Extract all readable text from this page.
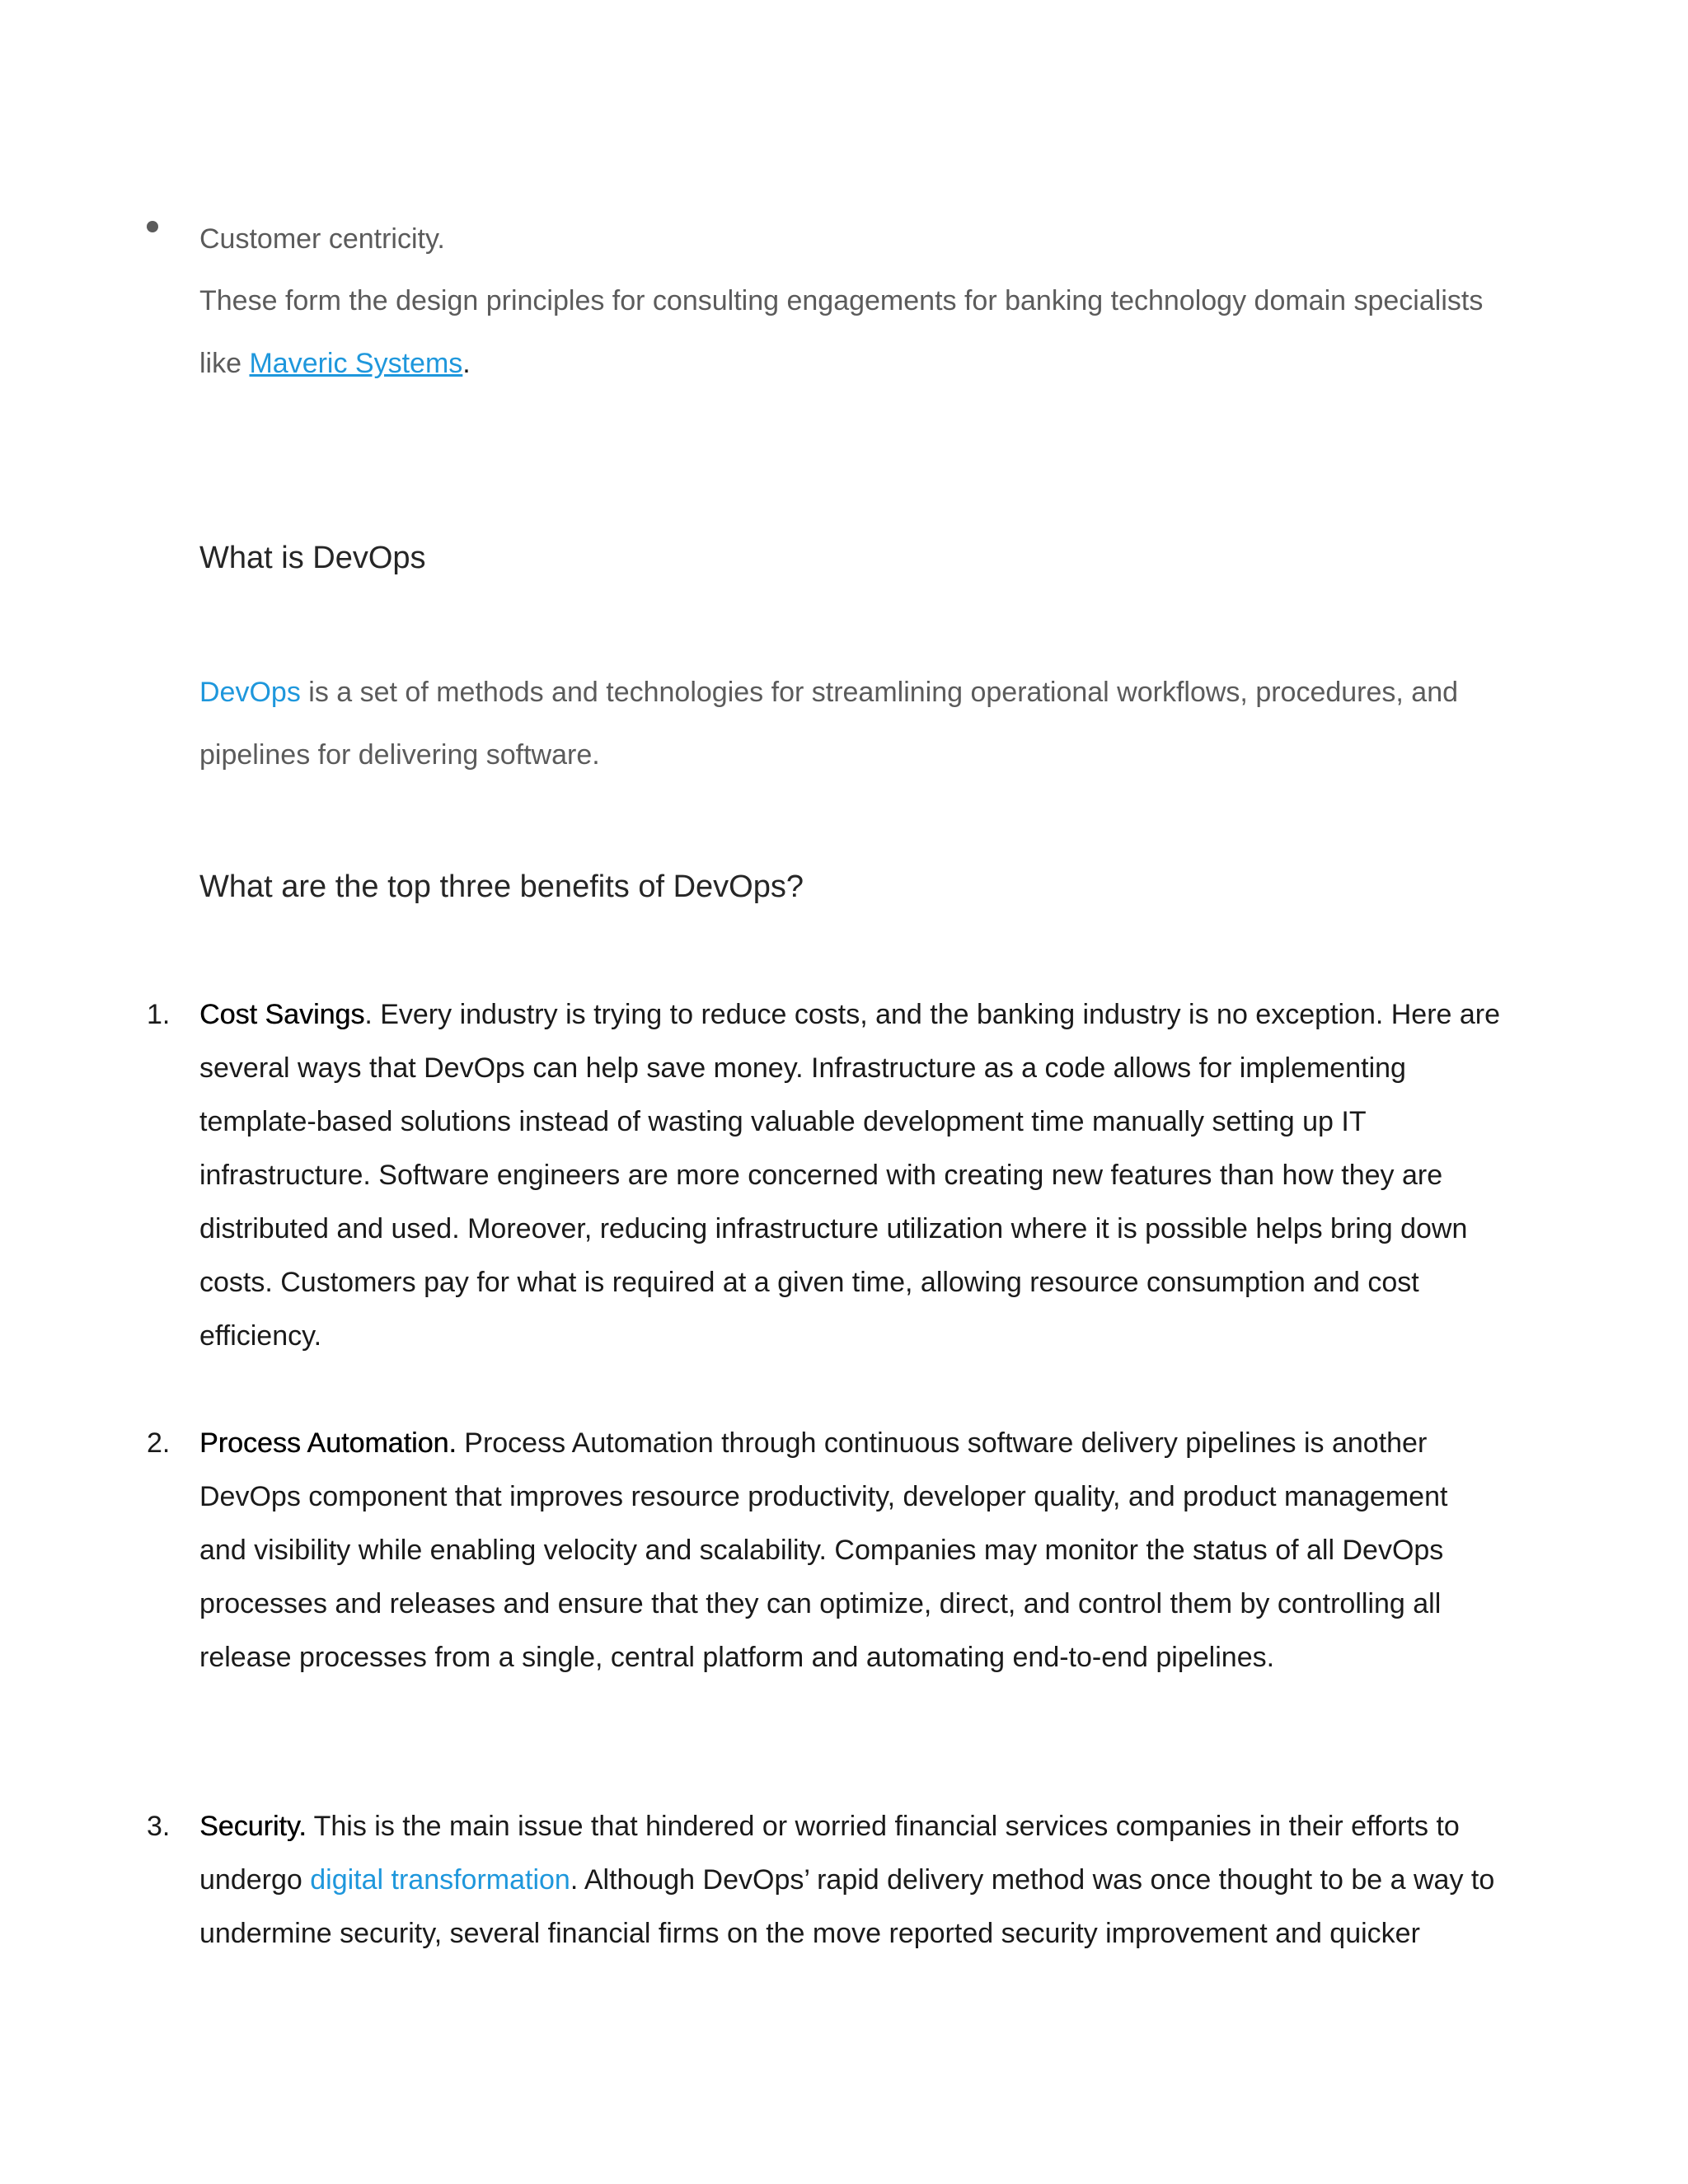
Customer centricity.

These form the design principles for consulting engagements for banking technology domain specialists like Maveric Systems.

What is DevOps

DevOps is a set of methods and technologies for streamlining operational workflows, procedures, and pipelines for delivering software.

What are the top three benefits of DevOps?

1. Cost Savings. Every industry is trying to reduce costs, and the banking industry is no exception. Here are several ways that DevOps can help save money. Infrastructure as a code allows for implementing template-based solutions instead of wasting valuable development time manually setting up IT infrastructure. Software engineers are more concerned with creating new features than how they are distributed and used. Moreover, reducing infrastructure utilization where it is possible helps bring down costs. Customers pay for what is required at a given time, allowing resource consumption and cost efficiency.

2. Process Automation. Process Automation through continuous software delivery pipelines is another DevOps component that improves resource productivity, developer quality, and product management and visibility while enabling velocity and scalability. Companies may monitor the status of all DevOps processes and releases and ensure that they can optimize, direct, and control them by controlling all release processes from a single, central platform and automating end-to-end pipelines.

3. Security. This is the main issue that hindered or worried financial services companies in their efforts to undergo digital transformation. Although DevOps’ rapid delivery method was once thought to be a way to undermine security, several financial firms on the move reported security improvement and quicker
